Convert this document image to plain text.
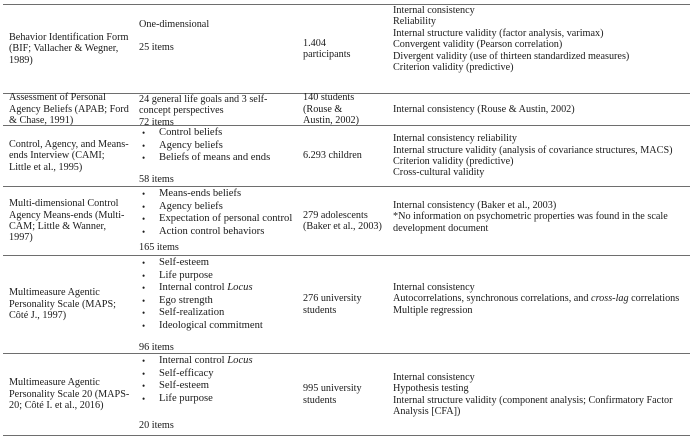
Behavior Identification Form (BIF; Vallacher & Wegner, 1989)
One-dimensional
25 items	1.404 participants
Internal consistency
Reliability
Internal structure validity (factor analysis, varimax)
Convergent validity (Pearson correlation)
Divergent validity (use of thirteen standardized measures)
Criterion validity (predictive)
Assessment of Personal Agency Beliefs (APAB; Ford & Chase, 1991)
24 general life goals and 3 self-concept perspectives
72 items
140 students (Rouse & Austin, 2002)
Internal consistency (Rouse & Austin, 2002)
Control, Agency, and Means-ends Interview (CAMI; Little et al., 1995)
• Control beliefs
• Agency beliefs
• Beliefs of means and ends
58 items
6.293 children
Internal consistency reliability
Internal structure validity (analysis of covariance structures, MACS)
Criterion validity (predictive)
Cross-cultural validity
Multi-dimensional Control Agency Means-ends (Multi-CAM; Little & Wanner, 1997)
• Means-ends beliefs
• Agency beliefs
• Expectation of personal control
• Action control behaviors
165 items
279 adolescents (Baker et al., 2003)
Internal consistency (Baker et al., 2003)
*No information on psychometric properties was found in the scale development document
Multimeasure Agentic Personality Scale (MAPS; Côté J., 1997)
• Self-esteem
• Life purpose
• Internal control Locus
• Ego strength
• Self-realization
• Ideological commitment
96 items
276 university students
Internal consistency
Autocorrelations, synchronous correlations, and cross-lag correlations
Multiple regression
Multimeasure Agentic Personality Scale 20 (MAPS-20; Côté I. et al., 2016)
• Internal control Locus
• Self-efficacy
• Self-esteem
• Life purpose
20 items
995 university students
Internal consistency
Hypothesis testing
Internal structure validity (component analysis; Confirmatory Factor Analysis [CFA])
